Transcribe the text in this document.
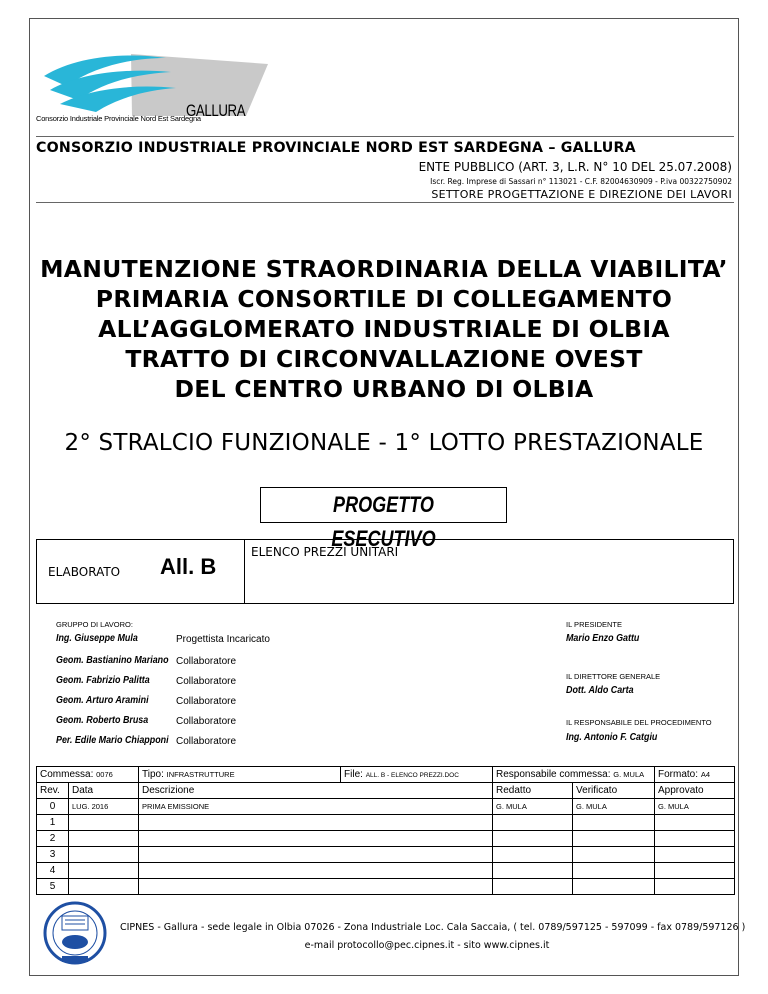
Consorzio Industriale Provinciale Nord Est Sardegna
GALLURA
CONSORZIO INDUSTRIALE PROVINCIALE NORD EST SARDEGNA – GALLURA
ENTE PUBBLICO (ART. 3, L.R. N° 10 DEL 25.07.2008)
Iscr. Reg. Imprese di Sassari n° 113021 - C.F. 82004630909 - P.iva 00322750902
SETTORE PROGETTAZIONE E DIREZIONE DEI LAVORI
MANUTENZIONE STRAORDINARIA DELLA VIABILITA’
PRIMARIA CONSORTILE DI COLLEGAMENTO
ALL’AGGLOMERATO INDUSTRIALE DI OLBIA
TRATTO DI CIRCONVALLAZIONE OVEST
DEL CENTRO URBANO DI OLBIA
2° STRALCIO FUNZIONALE - 1° LOTTO PRESTAZIONALE
PROGETTO ESECUTIVO
ELABORATO All. B
ELENCO PREZZI UNITARI
GRUPPO DI LAVORO:
Ing. Giuseppe Mula	Progettista Incaricato
Geom. Bastianino Mariano Collaboratore
Geom. Fabrizio Palitta	Collaboratore
Geom. Arturo Aramini	Collaboratore
Geom. Roberto Brusa	Collaboratore
Per. Edile Mario Chiapponi Collaboratore
IL PRESIDENTE
Mario Enzo Gattu
IL DIRETTORE GENERALE
Dott. Aldo Carta
IL RESPONSABILE DEL PROCEDIMENTO
Ing. Antonio F. Catgiu
Commessa: 0076		Tipo: INFRASTRUTTURE	File: ALL. B - ELENCO PREZZI.DOC	Responsabile commessa: G. MULA		Formato: A4
Rev.	Data	Descrizione		Redatto	Verificato	Approvato
0	LUG. 2016	PRIMA EMISSIONE		G. MULA	G. MULA	G. MULA
1						
2						
3						
4						
5						
CIPNES - Gallura - sede legale in Olbia 07026 - Zona Industriale Loc. Cala Saccaia, ( tel. 0789/597125 - 597099 - fax 0789/597126 )
e-mail protocollo@pec.cipnes.it - sito www.cipnes.it
